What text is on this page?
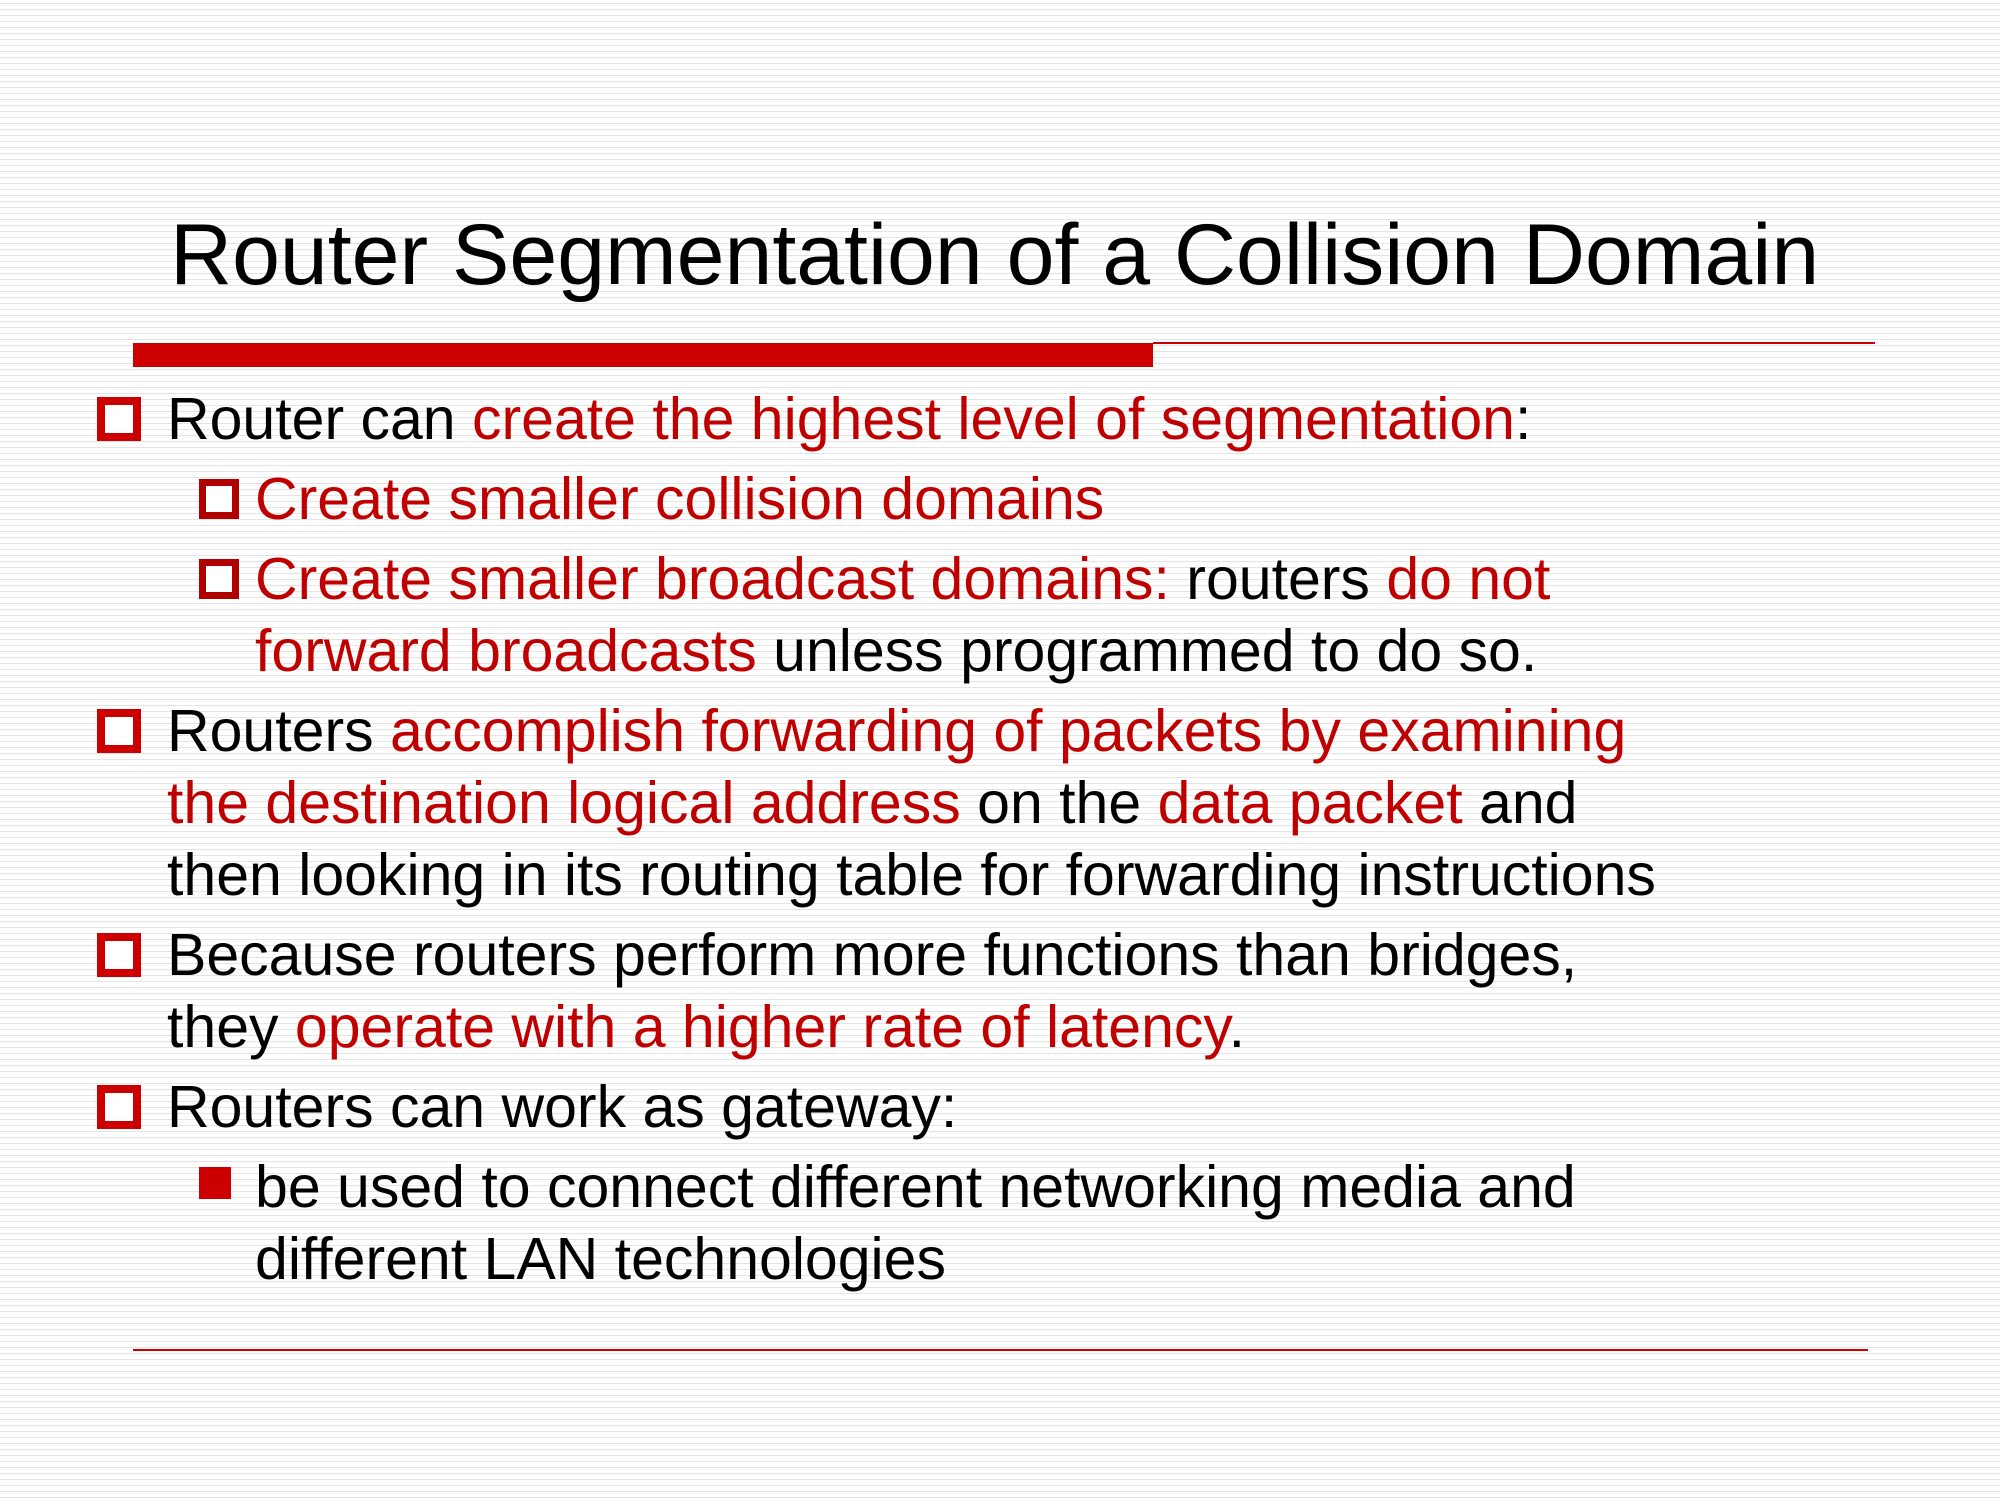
Router Segmentation of a Collision Domain
Router can create the highest level of segmentation:
Create smaller collision domains
Create smaller broadcast domains: routers do not
forward broadcasts unless programmed to do so.
Routers accomplish forwarding of packets by examining
the destination logical address on the data packet and
then looking in its routing table for forwarding instructions
Because routers perform more functions than bridges,
they operate with a higher rate of latency.
Routers can work as gateway:
be used to connect different networking media and
different LAN technologies
